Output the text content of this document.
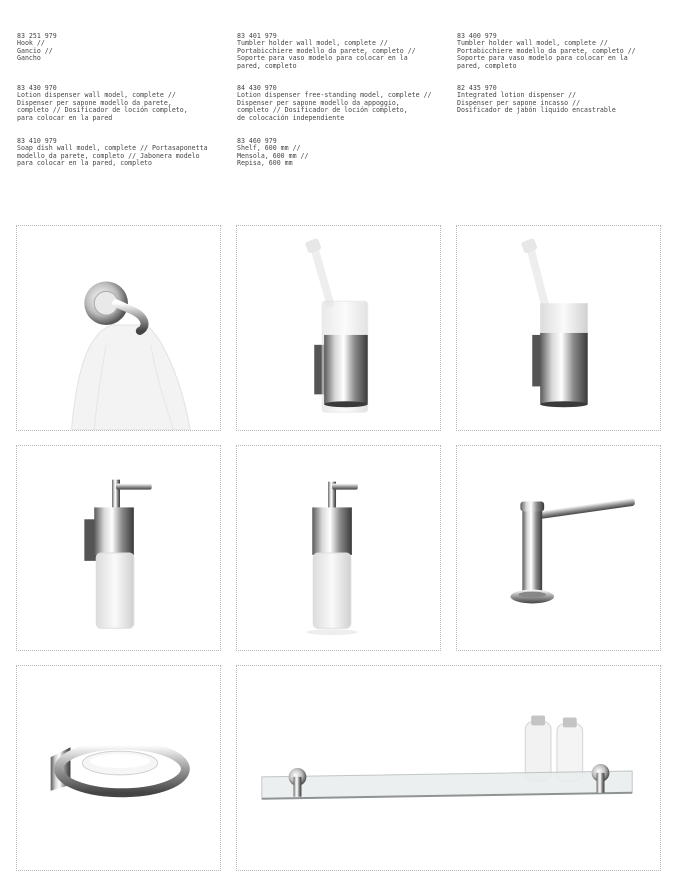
83 251 979
Hook //
Gancio //
Gancho

83 401 979
Tumbler holder wall model, complete //
Portabicchiere modello da parete, completo //
Soporte para vaso modelo para colocar en la
pared, completo

83 400 979
Tumbler holder wall model, complete //
Portabicchiere modello da parete, completo //
Soporte para vaso modelo para colocar en la
pared, completo

83 430 970
Lotion dispenser wall model, complete //
Dispenser per sapone modello da parete,
completo // Dosificador de loción completo,
para colocar en la pared

84 430 970
Lotion dispenser free-standing model, complete //
Dispenser per sapone modello da appoggio,
completo // Dosificador de loción completo,
de colocación independiente

82 435 970
Integrated lotion dispenser //
Dispenser per sapone incasso //
Dosificador de jabón líquido encastrable

83 410 979
Soap dish wall model, complete // Portasaponetta
modello da parete, completo // Jabonera modelo
para colocar en la pared, completo

83 460 979
Shelf, 600 mm //
Mensola, 600 mm //
Repisa, 600 mm
